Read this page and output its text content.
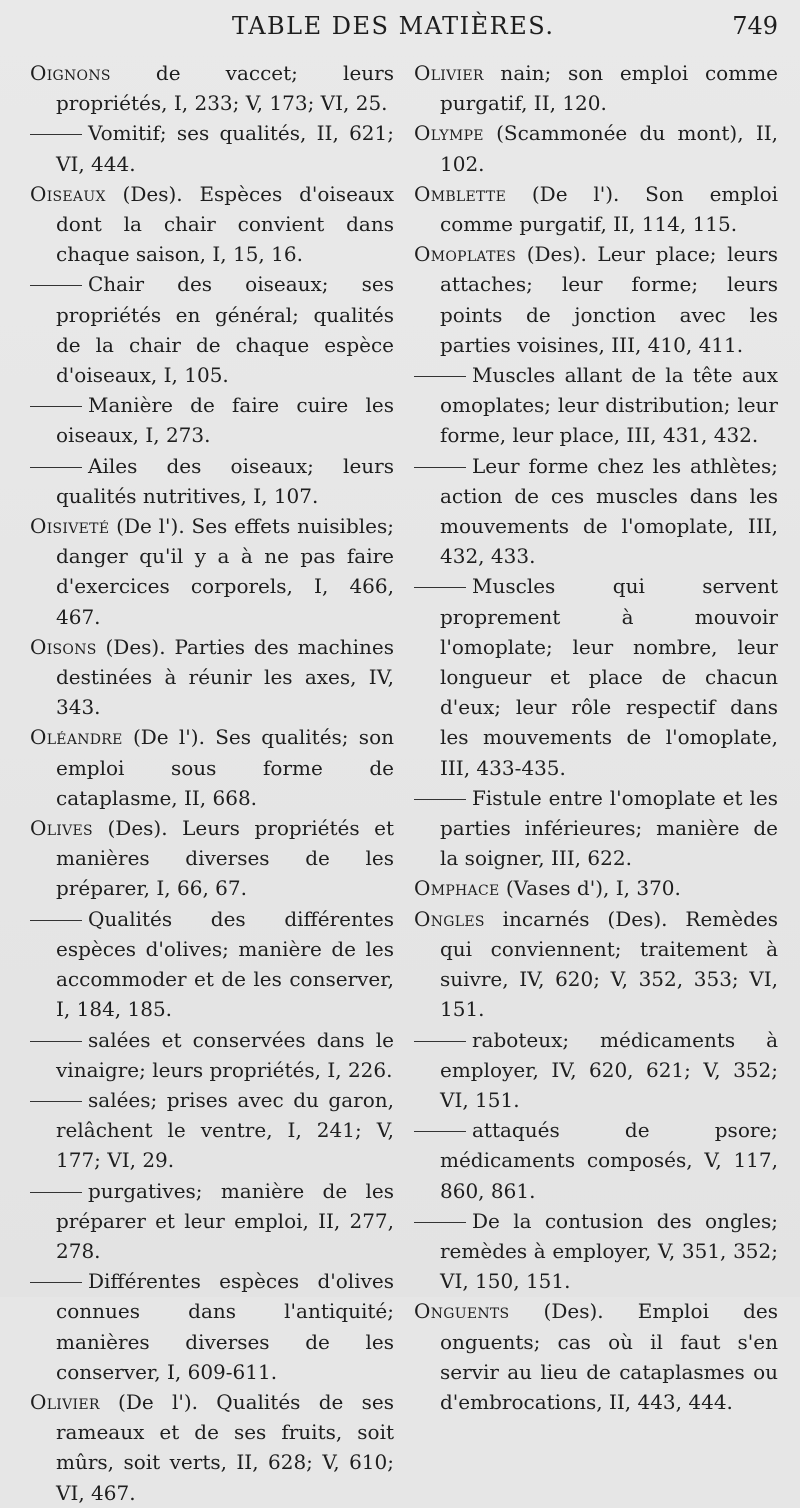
TABLE DES MATIÈRES.	749

Oignons de vaccet; leurs propriétés, I, 233; V, 173; VI, 25.

Vomitif; ses qualités, II, 621; VI, 444.

Oiseaux (Des). Espèces d'oiseaux dont la chair convient dans chaque saison, I, 15, 16.

Chair des oiseaux; ses propriétés en général; qualités de la chair de chaque espèce d'oiseaux, I, 105.

Manière de faire cuire les oiseaux, I, 273.

Ailes des oiseaux; leurs qualités nutritives, I, 107.

Oisiveté (De l'). Ses effets nuisibles; danger qu'il y a à ne pas faire d'exercices corporels, I, 466, 467.

Oisons (Des). Parties des machines destinées à réunir les axes, IV, 343.

Oléandre (De l'). Ses qualités; son emploi sous forme de cataplasme, II, 668.

Olives (Des). Leurs propriétés et manières diverses de les préparer, I, 66, 67.

Qualités des différentes espèces d'olives; manière de les accommoder et de les conserver, I, 184, 185.

salées et conservées dans le vinaigre; leurs propriétés, I, 226.

salées; prises avec du garon, relâchent le ventre, I, 241; V, 177; VI, 29.

purgatives; manière de les préparer et leur emploi, II, 277, 278.

Différentes espèces d'olives connues dans l'antiquité; manières diverses de les conserver, I, 609-611.

Olivier (De l'). Qualités de ses rameaux et de ses fruits, soit mûrs, soit verts, II, 628; V, 610; VI, 467.

Olivier nain; son emploi comme purgatif, II, 120.

Olympe (Scammonée du mont), II, 102.

Omblette (De l'). Son emploi comme purgatif, II, 114, 115.

Omoplates (Des). Leur place; leurs attaches; leur forme; leurs points de jonction avec les parties voisines, III, 410, 411.

Muscles allant de la tête aux omoplates; leur distribution; leur forme, leur place, III, 431, 432.

Leur forme chez les athlètes; action de ces muscles dans les mouvements de l'omoplate, III, 432, 433.

Muscles qui servent proprement à mouvoir l'omoplate; leur nombre, leur longueur et place de chacun d'eux; leur rôle respectif dans les mouvements de l'omoplate, III, 433-435.

Fistule entre l'omoplate et les parties inférieures; manière de la soigner, III, 622.

Omphace (Vases d'), I, 370.

Ongles incarnés (Des). Remèdes qui conviennent; traitement à suivre, IV, 620; V, 352, 353; VI, 151.

raboteux; médicaments à employer, IV, 620, 621; V, 352; VI, 151.

attaqués de psore; médicaments composés, V, 117, 860, 861.

De la contusion des ongles; remèdes à employer, V, 351, 352; VI, 150, 151.

Onguents (Des). Emploi des onguents; cas où il faut s'en servir au lieu de cataplasmes ou d'embrocations, II, 443, 444.
